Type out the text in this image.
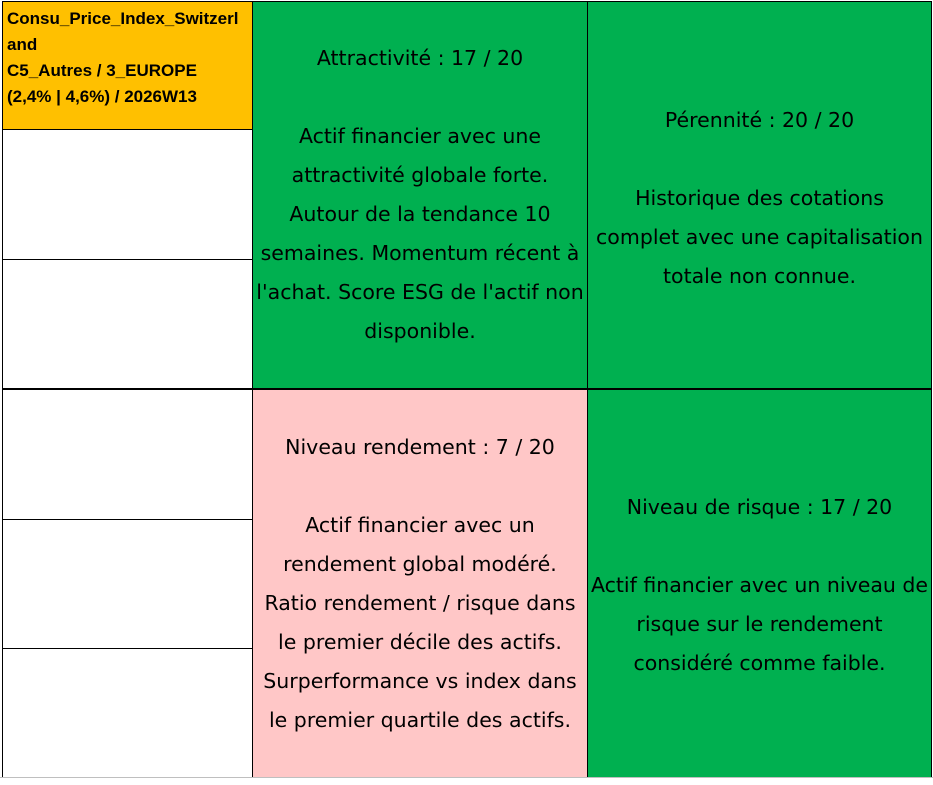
Consu_Price_Index_Switzerl
and
C5_Autres / 3_EUROPE
(2,4% | 4,6%) / 2026W13
Attractivité : 17 / 20
Actif financier avec une
attractivité globale forte.
Autour de la tendance 10
semaines. Momentum récent à
l'achat. Score ESG de l'actif non
disponible.
Pérennité : 20 / 20
Historique des cotations
complet avec une capitalisation
totale non connue.
Niveau rendement : 7 / 20
Actif financier avec un
rendement global modéré.
Ratio rendement / risque dans
le premier décile des actifs.
Surperformance vs index dans
le premier quartile des actifs.
Niveau de risque : 17 / 20
Actif financier avec un niveau de
risque sur le rendement
considéré comme faible.
